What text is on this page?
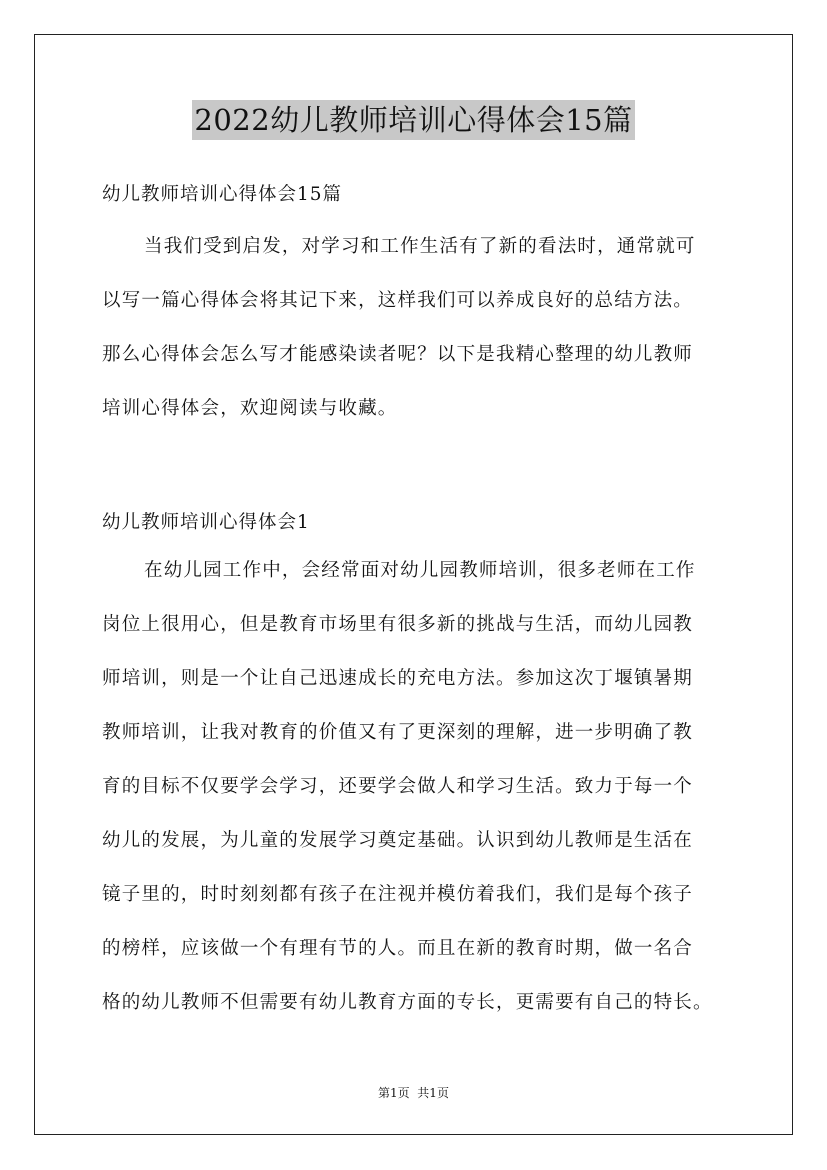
2022幼儿教师培训心得体会15篇
幼儿教师培训心得体会15篇
当我们受到启发，对学习和工作生活有了新的看法时，通常就可
以写一篇心得体会将其记下来，这样我们可以养成良好的总结方法。
那么心得体会怎么写才能感染读者呢？以下是我精心整理的幼儿教师
培训心得体会，欢迎阅读与收藏。
幼儿教师培训心得体会1
在幼儿园工作中，会经常面对幼儿园教师培训，很多老师在工作
岗位上很用心，但是教育市场里有很多新的挑战与生活，而幼儿园教
师培训，则是一个让自己迅速成长的充电方法。参加这次丁堰镇暑期
教师培训，让我对教育的价值又有了更深刻的理解，进一步明确了教
育的目标不仅要学会学习，还要学会做人和学习生活。致力于每一个
幼儿的发展，为儿童的发展学习奠定基础。认识到幼儿教师是生活在
镜子里的，时时刻刻都有孩子在注视并模仿着我们，我们是每个孩子
的榜样，应该做一个有理有节的人。而且在新的教育时期，做一名合
格的幼儿教师不但需要有幼儿教育方面的专长，更需要有自己的特长。
第1页  共1页
